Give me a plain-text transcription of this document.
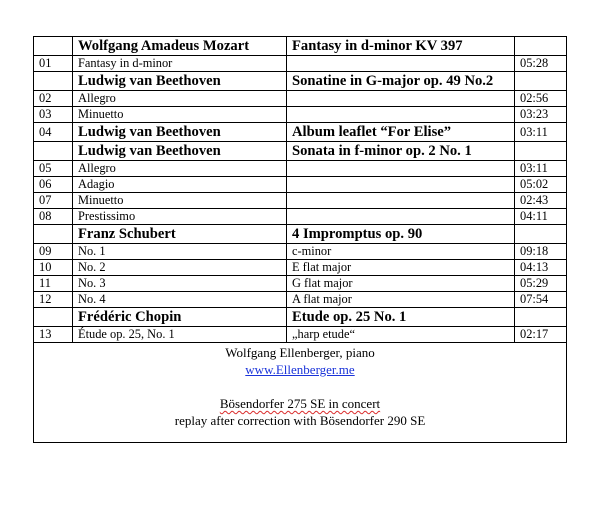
	Wolfgang Amadeus Mozart	Fantasy in d-minor KV 397	
01	Fantasy in d-minor		05:28
	Ludwig van Beethoven	Sonatine in G-major op. 49 No.2	
02	Allegro		02:56
03	Minuetto		03:23
04	Ludwig van Beethoven	Album leaflet “For Elise”	03:11
	Ludwig van Beethoven	Sonata in f-minor op. 2 No. 1	
05	Allegro		03:11
06	Adagio		05:02
07	Minuetto		02:43
08	Prestissimo		04:11
	Franz Schubert	4 Impromptus op. 90	
09	No. 1	c-minor	09:18
10	No. 2	E flat major	04:13
11	No. 3	G flat major	05:29
12	No. 4	A flat major	07:54
	Frédéric Chopin	Etude op. 25 No. 1	
13	Étude op. 25, No. 1	„harp etude“	02:17

Wolfgang Ellenberger, piano
www.Ellenberger.me

Bösendorfer 275 SE in concert
replay after correction with Bösendorfer 290 SE			
